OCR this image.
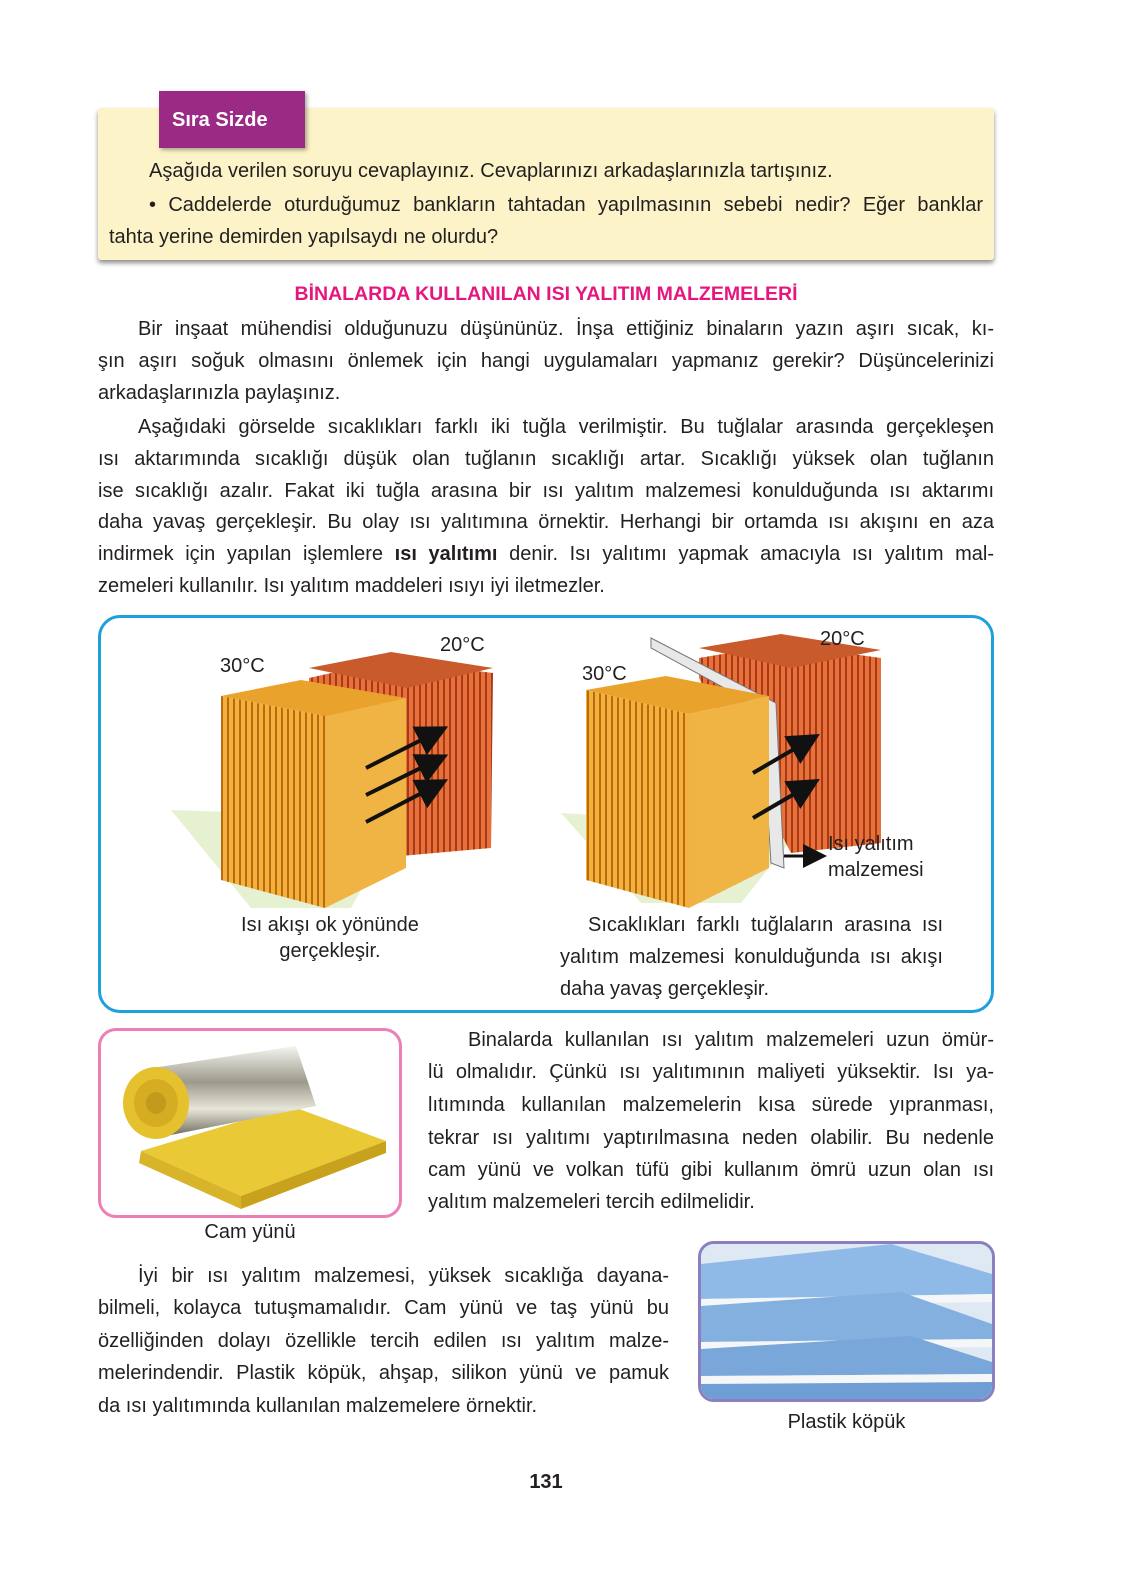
Sıra Sizde
Aşağıda verilen soruyu cevaplayınız. Cevaplarınızı arkadaşlarınızla tartışınız.
• Caddelerde oturduğumuz bankların tahtadan yapılmasının sebebi nedir? Eğer banklar
tahta yerine demirden yapılsaydı ne olurdu?
BİNALARDA KULLANILAN ISI YALITIM MALZEMELERİ
Bir inşaat mühendisi olduğunuzu düşününüz. İnşa ettiğiniz binaların yazın aşırı sıcak, kı-
şın aşırı soğuk olmasını önlemek için hangi uygulamaları yapmanız gerekir? Düşüncelerinizi
arkadaşlarınızla paylaşınız.
Aşağıdaki görselde sıcaklıkları farklı iki tuğla verilmiştir. Bu tuğlalar arasında gerçekleşen
ısı aktarımında sıcaklığı düşük olan tuğlanın sıcaklığı artar. Sıcaklığı yüksek olan tuğlanın
ise sıcaklığı azalır. Fakat iki tuğla arasına bir ısı yalıtım malzemesi konulduğunda ısı aktarımı
daha yavaş gerçekleşir. Bu olay ısı yalıtımına örnektir. Herhangi bir ortamda ısı akışını en aza
indirmek için yapılan işlemlere ısı yalıtımı denir. Isı yalıtımı yapmak amacıyla ısı yalıtım mal-
zemeleri kullanılır. Isı yalıtım maddeleri ısıyı iyi iletmezler.
30°C
20°C
30°C
20°C
Isı yalıtım
malzemesi
Isı akışı ok yönünde
gerçekleşir.
Sıcaklıkları farklı tuğlaların arasına ısı
yalıtım malzemesi konulduğunda ısı akışı
daha yavaş gerçekleşir.
Cam yünü
Binalarda kullanılan ısı yalıtım malzemeleri uzun ömür-
lü olmalıdır. Çünkü ısı yalıtımının maliyeti yüksektir. Isı ya-
lıtımında kullanılan malzemelerin kısa sürede yıpranması,
tekrar ısı yalıtımı yaptırılmasına neden olabilir. Bu nedenle
cam yünü ve volkan tüfü gibi kullanım ömrü uzun olan ısı
yalıtım malzemeleri tercih edilmelidir.
İyi bir ısı yalıtım malzemesi, yüksek sıcaklığa dayana-
bilmeli, kolayca tutuşmamalıdır. Cam yünü ve taş yünü bu
özelliğinden dolayı özellikle tercih edilen ısı yalıtım malze-
melerindendir. Plastik köpük, ahşap, silikon yünü ve pamuk
da ısı yalıtımında kullanılan malzemelere örnektir.
Plastik köpük
131
